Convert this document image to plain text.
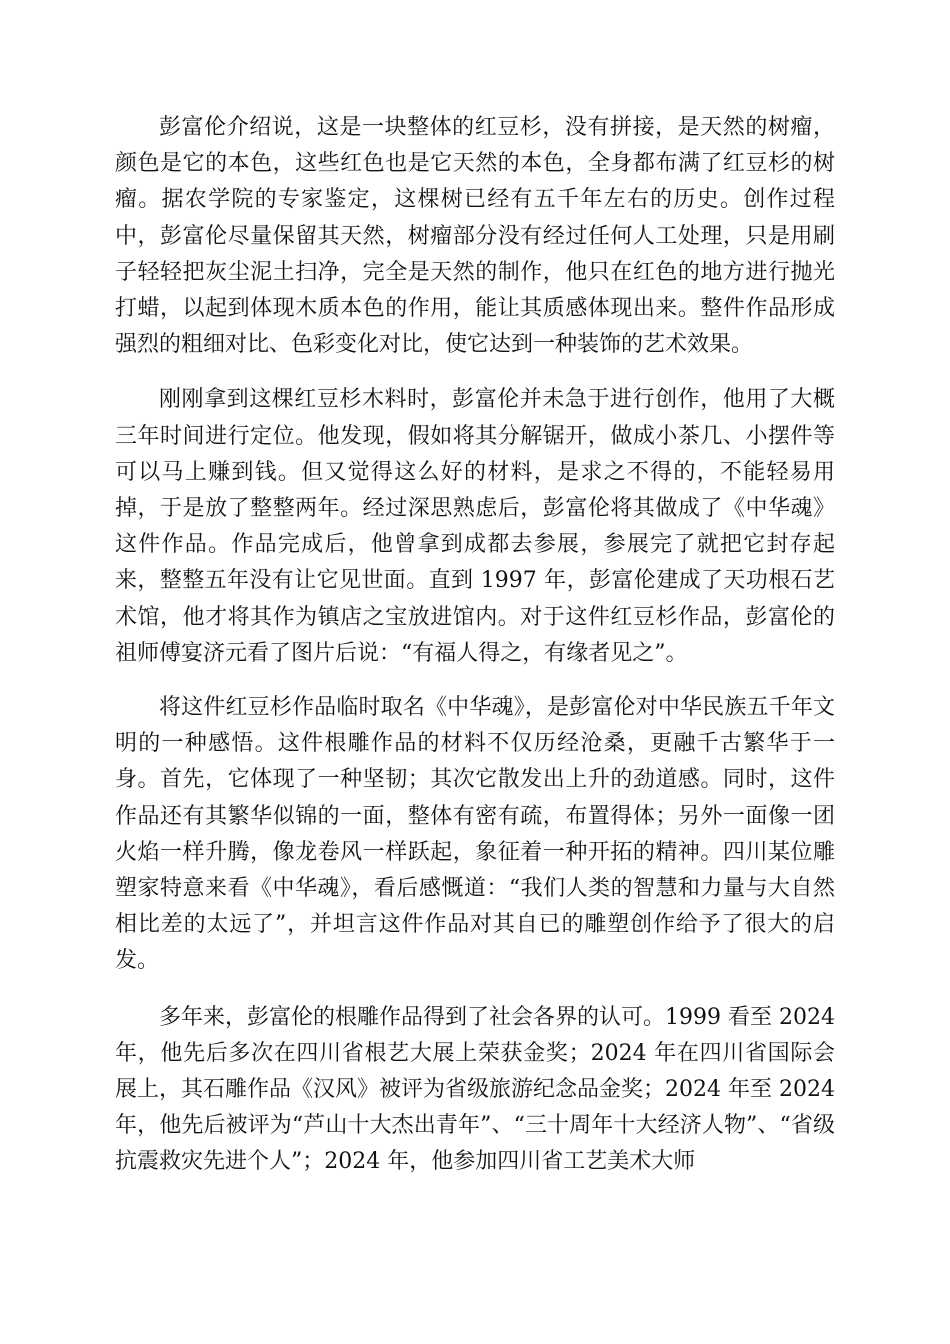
彭富伦介绍说，这是一块整体的红豆杉，没有拼接，是天然的树瘤，颜色是它的本色，这些红色也是它天然的本色，全身都布满了红豆杉的树瘤。据农学院的专家鉴定，这棵树已经有五千年左右的历史。创作过程中，彭富伦尽量保留其天然，树瘤部分没有经过任何人工处理，只是用刷子轻轻把灰尘泥土扫净，完全是天然的制作，他只在红色的地方进行抛光打蜡，以起到体现木质本色的作用，能让其质感体现出来。整件作品形成强烈的粗细对比、色彩变化对比，使它达到一种装饰的艺术效果。

刚刚拿到这棵红豆杉木料时，彭富伦并未急于进行创作，他用了大概三年时间进行定位。他发现，假如将其分解锯开，做成小茶几、小摆件等可以马上赚到钱。但又觉得这么好的材料，是求之不得的，不能轻易用掉，于是放了整整两年。经过深思熟虑后，彭富伦将其做成了《中华魂》这件作品。作品完成后，他曾拿到成都去参展，参展完了就把它封存起来，整整五年没有让它见世面。直到 1997 年，彭富伦建成了天功根石艺术馆，他才将其作为镇店之宝放进馆内。对于这件红豆杉作品，彭富伦的祖师傅宴济元看了图片后说：“有福人得之，有缘者见之”。

将这件红豆杉作品临时取名《中华魂》，是彭富伦对中华民族五千年文明的一种感悟。这件根雕作品的材料不仅历经沧桑，更融千古繁华于一身。首先，它体现了一种坚韧；其次它散发出上升的劲道感。同时，这件作品还有其繁华似锦的一面，整体有密有疏，布置得体；另外一面像一团火焰一样升腾，像龙卷风一样跃起，象征着一种开拓的精神。四川某位雕塑家特意来看《中华魂》，看后感慨道：“我们人类的智慧和力量与大自然相比差的太远了”，并坦言这件作品对其自已的雕塑创作给予了很大的启发。

多年来，彭富伦的根雕作品得到了社会各界的认可。1999 看至 2024 年，他先后多次在四川省根艺大展上荣获金奖；2024 年在四川省国际会展上，其石雕作品《汉风》被评为省级旅游纪念品金奖；2024 年至 2024 年，他先后被评为“芦山十大杰出青年”、“三十周年十大经济人物”、“省级抗震救灾先进个人”；2024 年，他参加四川省工艺美术大师
